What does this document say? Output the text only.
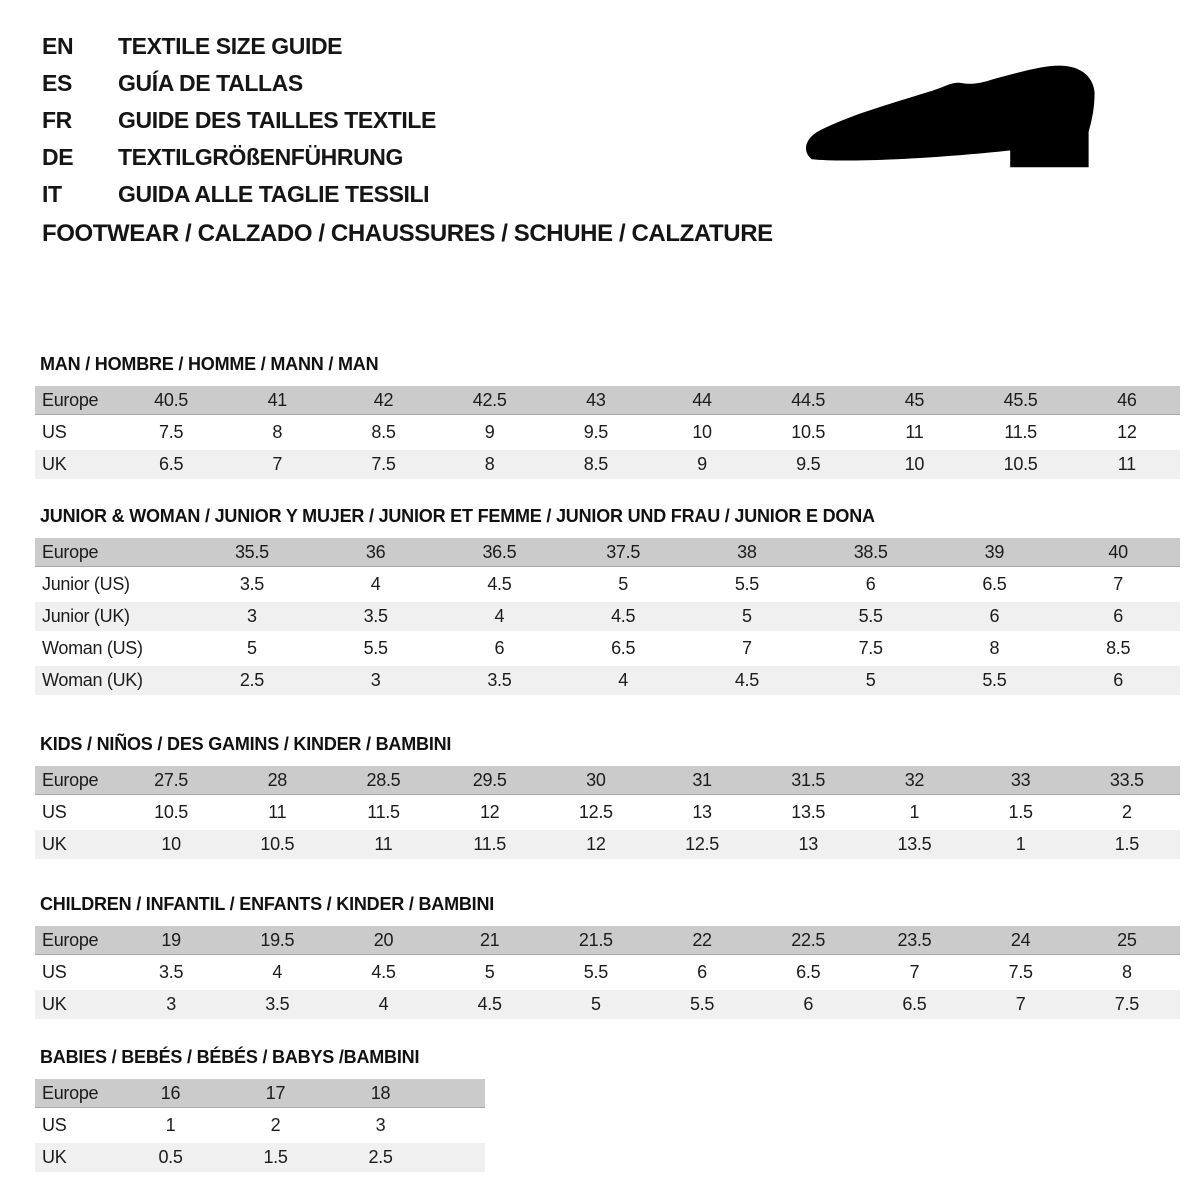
EN	TEXTILE SIZE GUIDE
ES	GUÍA DE TALLAS
FR	GUIDE DES TAILLES TEXTILE
DE	TEXTILGRÖßENFÜHRUNG
IT	GUIDA ALLE TAGLIE TESSILI
FOOTWEAR / CALZADO / CHAUSSURES / SCHUHE / CALZATURE
MAN / HOMBRE / HOMME / MANN / MAN
Europe	40.5	41	42	42.5	43	44	44.5	45	45.5	46
US	7.5	8	8.5	9	9.5	10	10.5	11	11.5	12
UK	6.5	7	7.5	8	8.5	9	9.5	10	10.5	11
JUNIOR & WOMAN / JUNIOR Y MUJER / JUNIOR ET FEMME / JUNIOR UND FRAU / JUNIOR E DONA
Europe	35.5	36	36.5	37.5	38	38.5	39	40
Junior (US)	3.5	4	4.5	5	5.5	6	6.5	7
Junior (UK)	3	3.5	4	4.5	5	5.5	6	6
Woman (US)	5	5.5	6	6.5	7	7.5	8	8.5
Woman (UK)	2.5	3	3.5	4	4.5	5	5.5	6
KIDS / NIÑOS / DES GAMINS / KINDER / BAMBINI
Europe	27.5	28	28.5	29.5	30	31	31.5	32	33	33.5
US	10.5	11	11.5	12	12.5	13	13.5	1	1.5	2
UK	10	10.5	11	11.5	12	12.5	13	13.5	1	1.5
CHILDREN / INFANTIL / ENFANTS / KINDER / BAMBINI
Europe	19	19.5	20	21	21.5	22	22.5	23.5	24	25
US	3.5	4	4.5	5	5.5	6	6.5	7	7.5	8
UK	3	3.5	4	4.5	5	5.5	6	6.5	7	7.5
BABIES / BEBÉS / BÉBÉS / BABYS /BAMBINI
Europe	16	17	18	
US	1	2	3	
UK	0.5	1.5	2.5	
